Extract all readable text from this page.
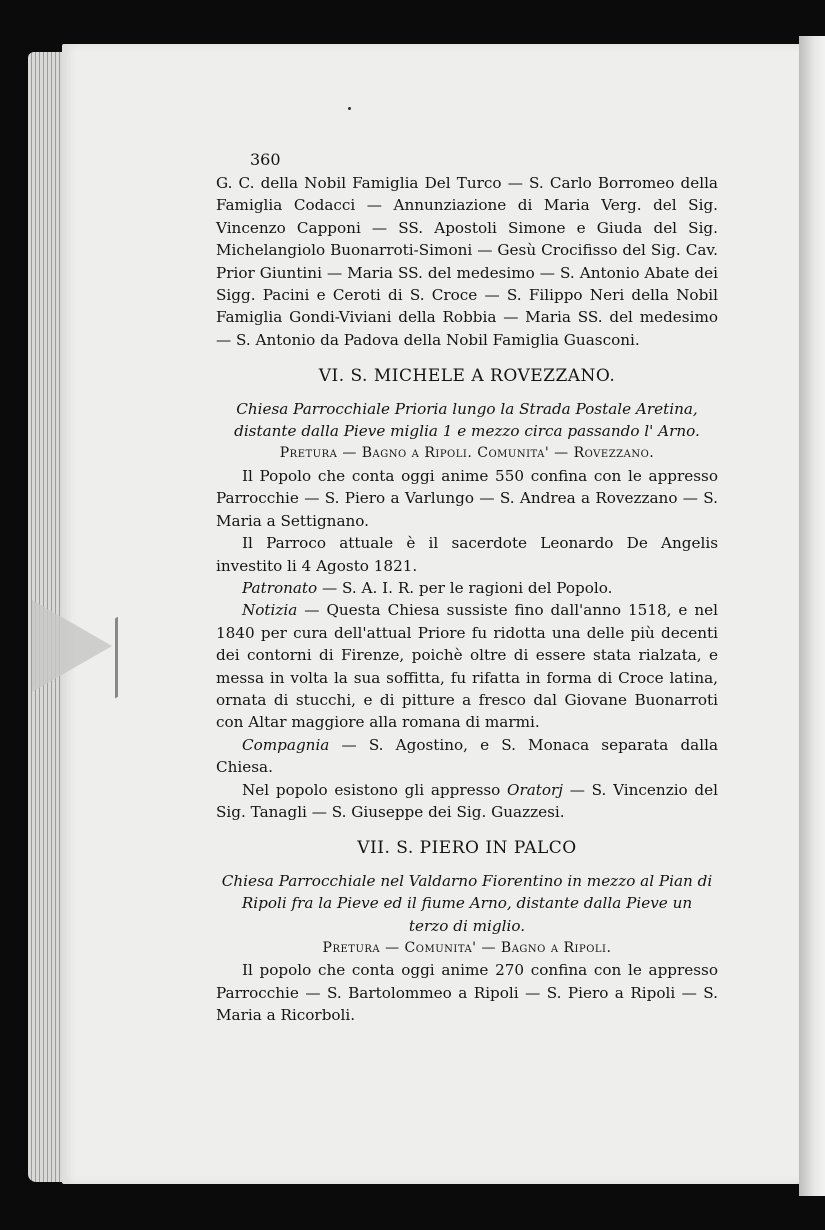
360

G. C. della Nobil Famiglia Del Turco — S. Carlo Borromeo della Famiglia Codacci — Annunziazione di Maria Verg. del Sig. Vincenzo Capponi — SS. Apostoli Simone e Giuda del Sig. Michelangiolo Buonarroti-Simoni — Gesù Crocifisso del Sig. Cav. Prior Giuntini — Maria SS. del medesimo — S. Antonio Abate dei Sigg. Pacini e Ceroti di S. Croce — S. Filippo Neri della Nobil Famiglia Gondi-Viviani della Robbia — Maria SS. del medesimo — S. Antonio da Padova della Nobil Famiglia Guasconi.

VI. S. MICHELE A ROVEZZANO.

Chiesa Parrocchiale Prioria lungo la Strada Postale Aretina, distante dalla Pieve miglia 1 e mezzo circa passando l' Arno.

Pretura — Bagno a Ripoli. Comunita' — Rovezzano.

Il Popolo che conta oggi anime 550 confina con le appresso Parrocchie — S. Piero a Varlungo — S. Andrea a Rovezzano — S. Maria a Settignano.

Il Parroco attuale è il sacerdote Leonardo De Angelis investito li 4 Agosto 1821.

Patronato — S. A. I. R. per le ragioni del Popolo.

Notizia — Questa Chiesa sussiste fino dall'anno 1518, e nel 1840 per cura dell'attual Priore fu ridotta una delle più decenti dei contorni di Firenze, poichè oltre di essere stata rialzata, e messa in volta la sua soffitta, fu rifatta in forma di Croce latina, ornata di stucchi, e di pitture a fresco dal Giovane Buonarroti con Altar maggiore alla romana di marmi.

Compagnia — S. Agostino, e S. Monaca separata dalla Chiesa.

Nel popolo esistono gli appresso Oratorj — S. Vincenzio del Sig. Tanagli — S. Giuseppe dei Sig. Guazzesi.

VII. S. PIERO IN PALCO

Chiesa Parrocchiale nel Valdarno Fiorentino in mezzo al Pian di Ripoli fra la Pieve ed il fiume Arno, distante dalla Pieve un terzo di miglio.

Pretura — Comunita' — Bagno a Ripoli.

Il popolo che conta oggi anime 270 confina con le appresso Parrocchie — S. Bartolommeo a Ripoli — S. Piero a Ripoli — S. Maria a Ricorboli.
